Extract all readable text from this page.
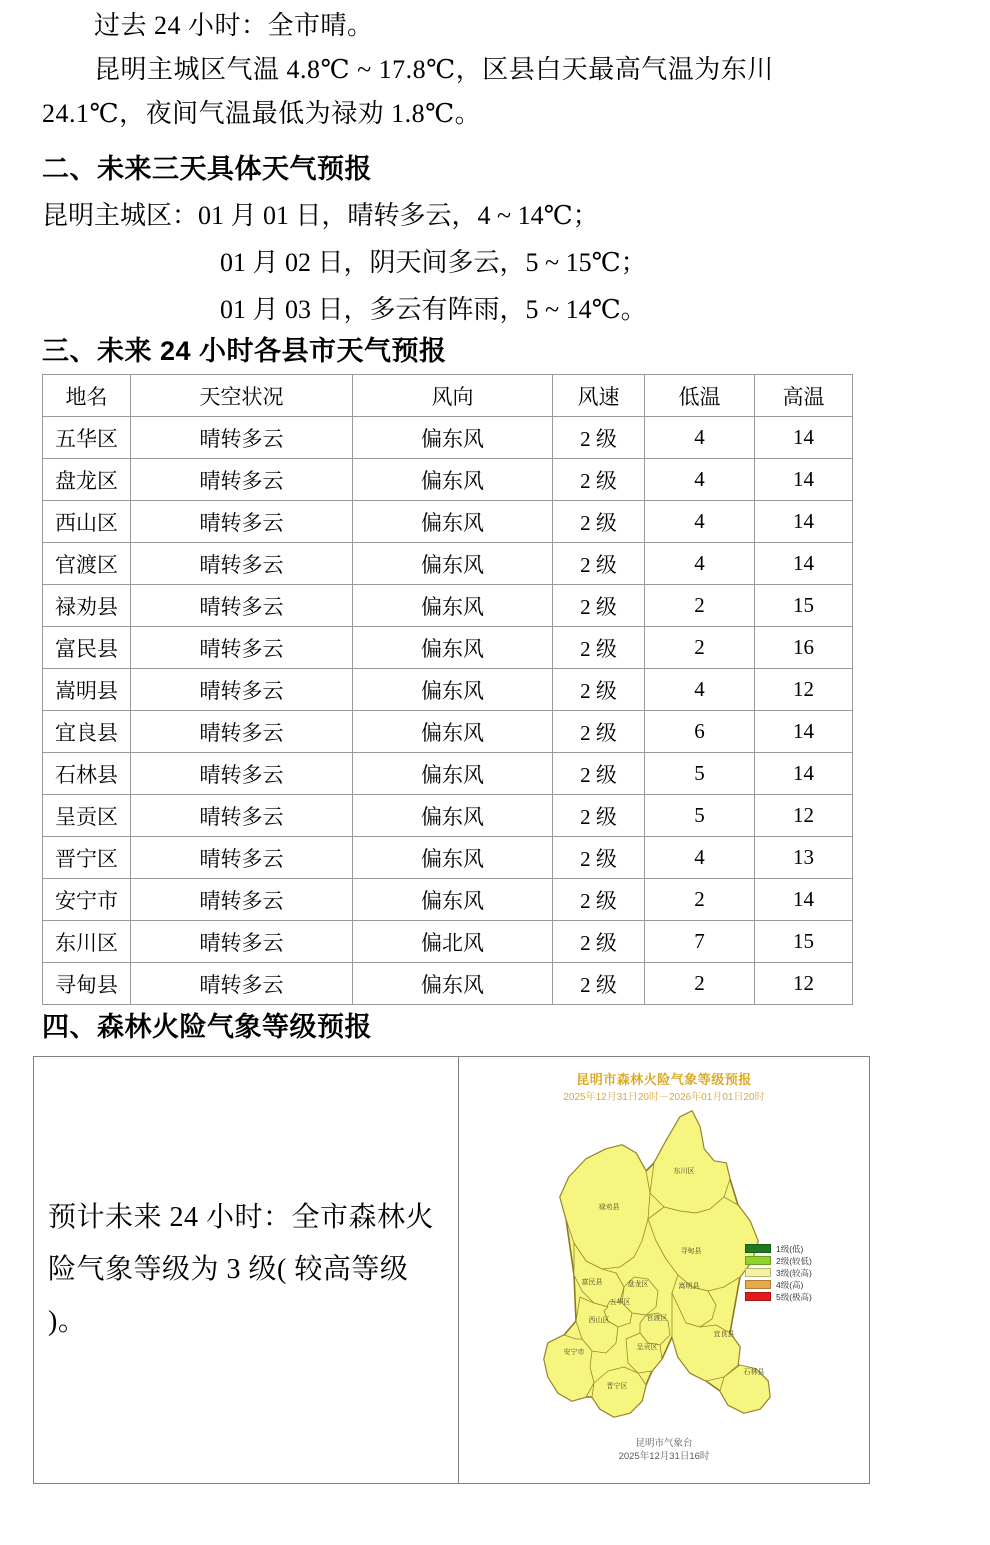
过去 24 小时：全市晴。
昆明主城区气温 4.8℃ ~ 17.8℃，区县白天最高气温为东川
24.1℃，夜间气温最低为禄劝 1.8℃。
二、未来三天具体天气预报
昆明主城区：01 月 01 日，晴转多云，4 ~ 14℃；
01 月 02 日，阴天间多云，5 ~ 15℃；
01 月 03 日，多云有阵雨，5 ~ 14℃。
三、未来 24 小时各县市天气预报
地名	天空状况	风向	风速	低温	高温
五华区	晴转多云	偏东风	2 级	4	14
盘龙区	晴转多云	偏东风	2 级	4	14
西山区	晴转多云	偏东风	2 级	4	14
官渡区	晴转多云	偏东风	2 级	4	14
禄劝县	晴转多云	偏东风	2 级	2	15
富民县	晴转多云	偏东风	2 级	2	16
嵩明县	晴转多云	偏东风	2 级	4	12
宜良县	晴转多云	偏东风	2 级	6	14
石林县	晴转多云	偏东风	2 级	5	14
呈贡区	晴转多云	偏东风	2 级	5	12
晋宁区	晴转多云	偏东风	2 级	4	13
安宁市	晴转多云	偏东风	2 级	2	14
东川区	晴转多云	偏北风	2 级	7	15
寻甸县	晴转多云	偏东风	2 级	2	12
四、森林火险气象等级预报
预计未来 24 小时：全市森林火
险气象等级为 3 级( 较高等级 )。
昆明市森林火险气象等级预报
2025年12月31日20时－2026年01月01日20时
禄劝县
东川区
寻甸县
富民县	盘龙区	嵩明县
五华区
西山区	官渡区
宜良县
安宁市
呈贡区
石林县
晋宁区
1级(低)
2级(较低)
3级(较高)
4级(高)
5级(极高)
昆明市气象台
2025年12月31日16时
